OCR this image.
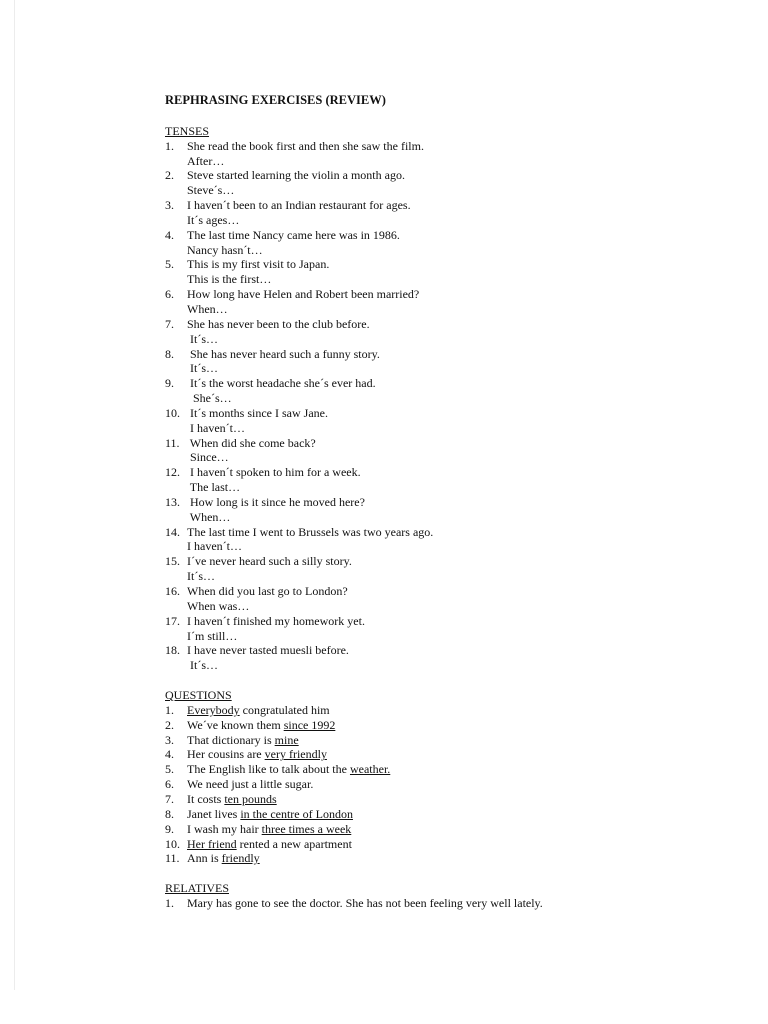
REPHRASING EXERCISES (REVIEW)
TENSES
1.	She read the book first and then she saw the film.
After…
2.	Steve started learning the violin a month ago.
Steve´s…
3.	I haven´t been to an Indian restaurant for ages.
It´s ages…
4.	The last time Nancy came here was in 1986.
Nancy hasn´t…
5.	This is my first visit to Japan.
This is the first…
6.	How long have Helen and Robert been married?
When…
7.	She has never been to the club before.
It´s…
8.	She has never heard such a funny story.
It´s…
9.	It´s the worst headache she´s ever had.
She´s…
10. It´s months since I saw Jane.
I haven´t…
11. When did she come back?
Since…
12. I haven´t spoken to him for a week.
The last…
13. How long is it since he moved here?
When…
14. The last time I went to Brussels was two years ago.
I haven´t…
15. I´ve never heard such a silly story.
It´s…
16. When did you last go to London?
When was…
17. I haven´t finished my homework yet.
I´m still…
18. I have never tasted muesli before.
It´s…
QUESTIONS
1.	Everybody congratulated him
2.	We´ve known them since 1992
3.	That dictionary is mine
4.	Her cousins are very friendly
5.	The English like to talk about the weather.
6.	We need just a little sugar.
7.	It costs ten pounds
8.	Janet lives in the centre of London
9.	I wash my hair three times a week
10. Her friend rented a new apartment
11. Ann is friendly
RELATIVES
1.	Mary has gone to see the doctor. She has not been feeling very well lately.
